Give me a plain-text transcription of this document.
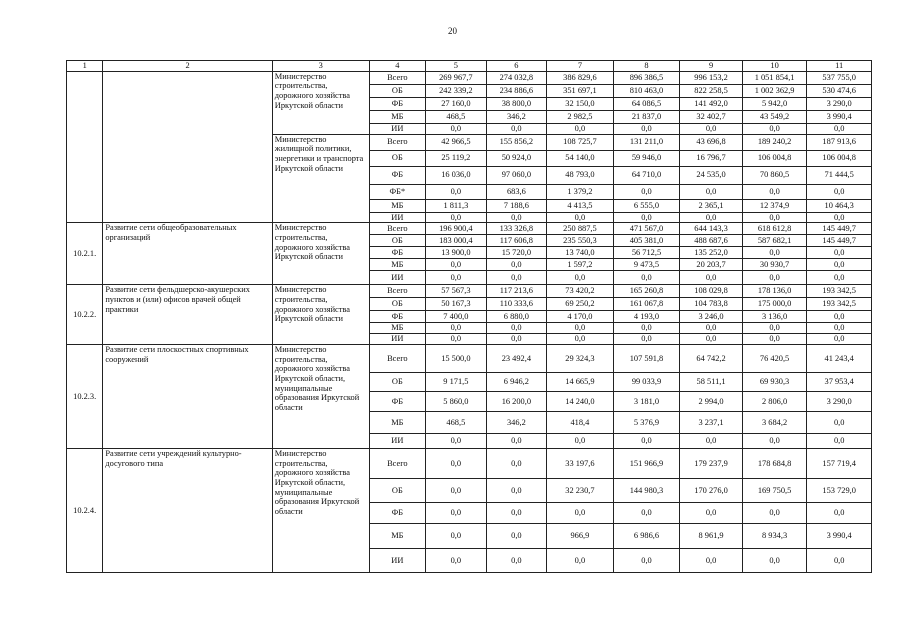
20
1	2	3	4	5	6	7	8	9	10	11
		Министерство строительства, дорожного хозяйства Иркутской области	Всего	269 967,7	274 032,8	386 829,6	896 386,5	996 153,2	1 051 854,1	537 755,0
			ОБ	242 339,2	234 886,6	351 697,1	810 463,0	822 258,5	1 002 362,9	530 474,6
			ФБ	27 160,0	38 800,0	32 150,0	64 086,5	141 492,0	5 942,0	3 290,0
			МБ	468,5	346,2	2 982,5	21 837,0	32 402,7	43 549,2	3 990,4
			ИИ	0,0	0,0	0,0	0,0	0,0	0,0	0,0
		Министерство жилищной политики, энергетики и транспорта Иркутской области	Всего	42 966,5	155 856,2	108 725,7	131 211,0	43 696,8	189 240,2	187 913,6
			ОБ	25 119,2	50 924,0	54 140,0	59 946,0	16 796,7	106 004,8	106 004,8
			ФБ	16 036,0	97 060,0	48 793,0	64 710,0	24 535,0	70 860,5	71 444,5
			ФБ*	0,0	683,6	1 379,2	0,0	0,0	0,0	0,0
			МБ	1 811,3	7 188,6	4 413,5	6 555,0	2 365,1	12 374,9	10 464,3
			ИИ	0,0	0,0	0,0	0,0	0,0	0,0	0,0
10.2.1.	Развитие сети общеобразовательных организаций	Министерство строительства, дорожного хозяйства Иркутской области	Всего	196 900,4	133 326,8	250 887,5	471 567,0	644 143,3	618 612,8	145 449,7
			ОБ	183 000,4	117 606,8	235 550,3	405 381,0	488 687,6	587 682,1	145 449,7
			ФБ	13 900,0	15 720,0	13 740,0	56 712,5	135 252,0	0,0	0,0
			МБ	0,0	0,0	1 597,2	9 473,5	20 203,7	30 930,7	0,0
			ИИ	0,0	0,0	0,0	0,0	0,0	0,0	0,0
10.2.2.	Развитие сети фельдшерско-акушерских пунктов и (или) офисов врачей общей практики	Министерство строительства, дорожного хозяйства Иркутской области	Всего	57 567,3	117 213,6	73 420,2	165 260,8	108 029,8	178 136,0	193 342,5
			ОБ	50 167,3	110 333,6	69 250,2	161 067,8	104 783,8	175 000,0	193 342,5
			ФБ	7 400,0	6 880,0	4 170,0	4 193,0	3 246,0	3 136,0	0,0
			МБ	0,0	0,0	0,0	0,0	0,0	0,0	0,0
			ИИ	0,0	0,0	0,0	0,0	0,0	0,0	0,0
10.2.3.	Развитие сети плоскостных спортивных сооружений	Министерство строительства, дорожного хозяйства Иркутской области, муниципальные образования Иркутской области	Всего	15 500,0	23 492,4	29 324,3	107 591,8	64 742,2	76 420,5	41 243,4
			ОБ	9 171,5	6 946,2	14 665,9	99 033,9	58 511,1	69 930,3	37 953,4
			ФБ	5 860,0	16 200,0	14 240,0	3 181,0	2 994,0	2 806,0	3 290,0
			МБ	468,5	346,2	418,4	5 376,9	3 237,1	3 684,2	0,0
			ИИ	0,0	0,0	0,0	0,0	0,0	0,0	0,0
10.2.4.	Развитие сети учреждений культурно-досугового типа	Министерство строительства, дорожного хозяйства Иркутской области, муниципальные образования Иркутской области	Всего	0,0	0,0	33 197,6	151 966,9	179 237,9	178 684,8	157 719,4
			ОБ	0,0	0,0	32 230,7	144 980,3	170 276,0	169 750,5	153 729,0
			ФБ	0,0	0,0	0,0	0,0	0,0	0,0	0,0
			МБ	0,0	0,0	966,9	6 986,6	8 961,9	8 934,3	3 990,4
			ИИ	0,0	0,0	0,0	0,0	0,0	0,0	0,0
